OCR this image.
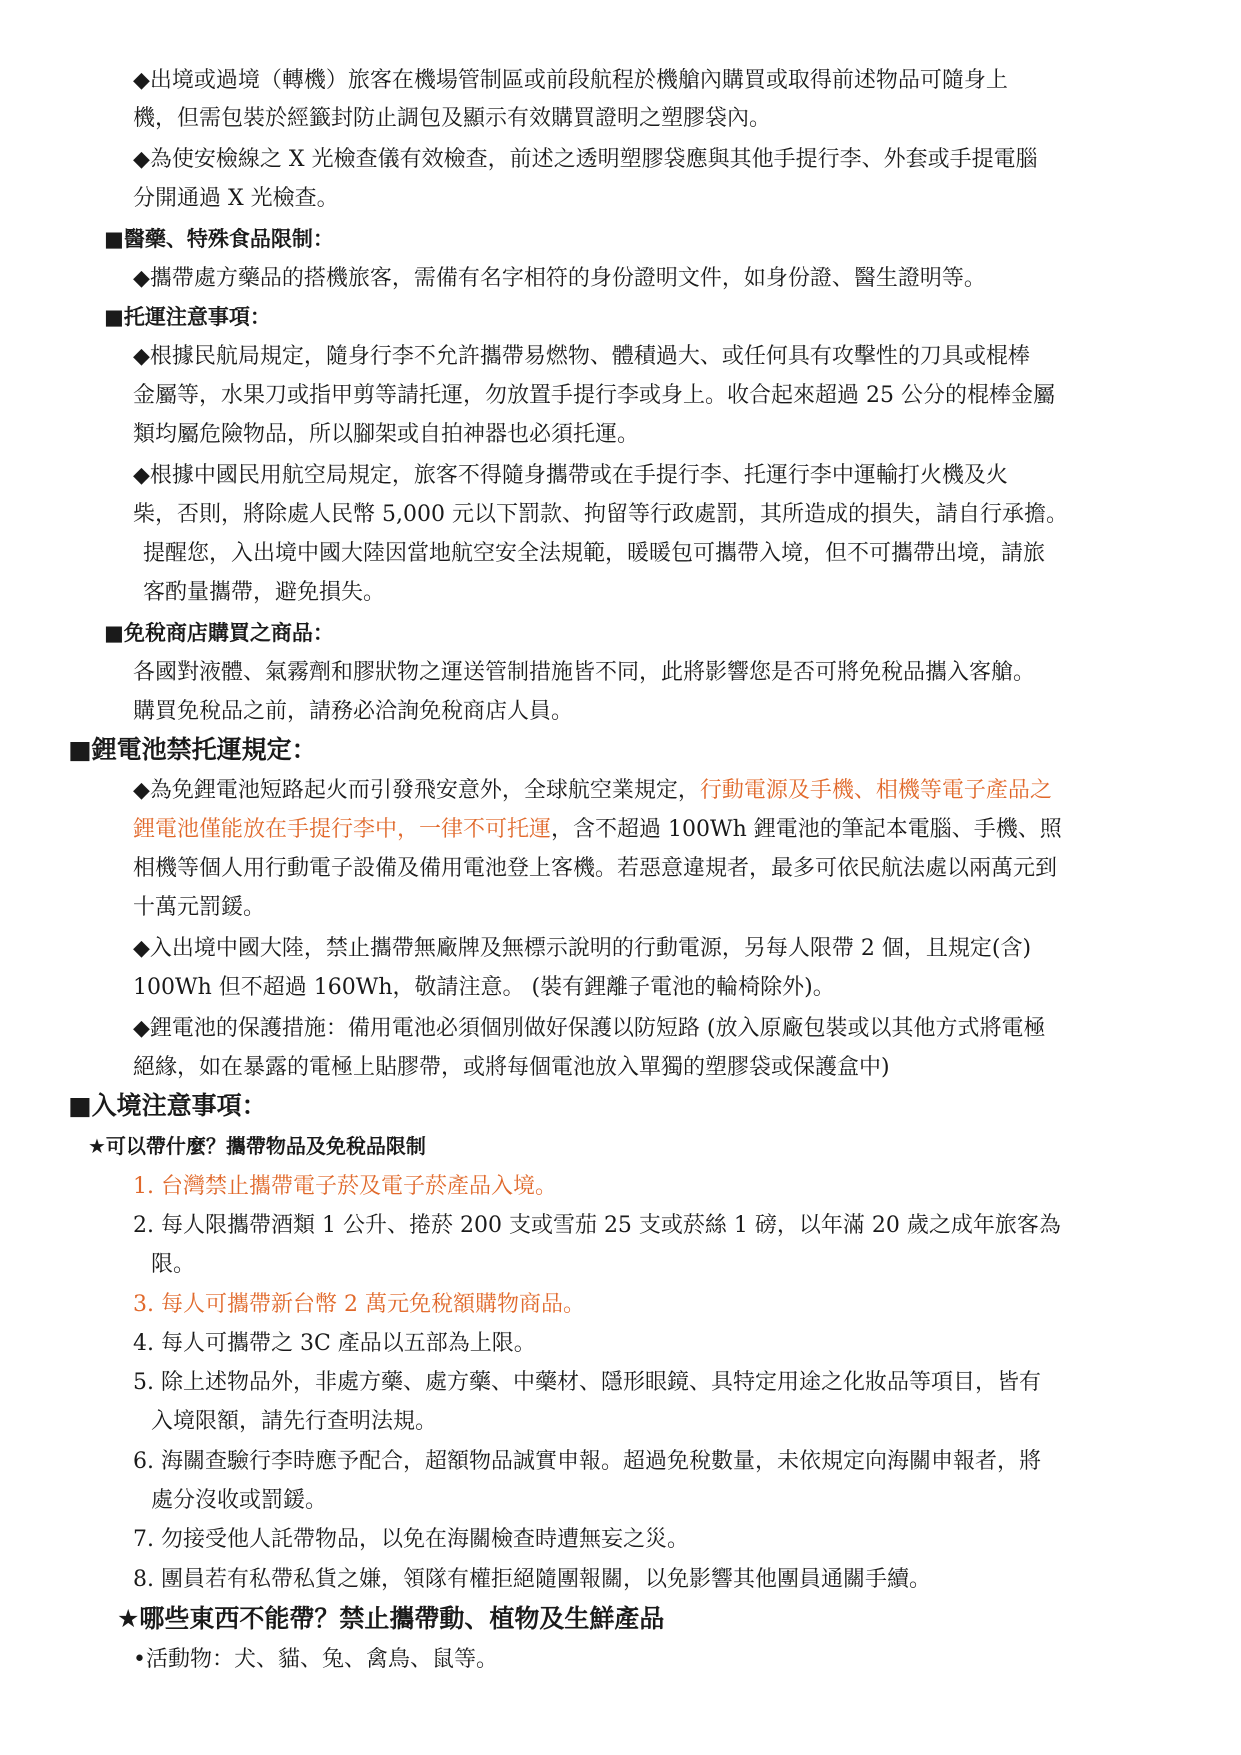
◆出境或過境（轉機）旅客在機場管制區或前段航程於機艙內購買或取得前述物品可隨身上
機，但需包裝於經籤封防止調包及顯示有效購買證明之塑膠袋內。
◆為使安檢線之 X 光檢查儀有效檢查，前述之透明塑膠袋應與其他手提行李、外套或手提電腦
分開通過 X 光檢查。
■醫藥、特殊食品限制：
◆攜帶處方藥品的搭機旅客，需備有名字相符的身份證明文件，如身份證、醫生證明等。
■托運注意事項：
◆根據民航局規定，隨身行李不允許攜帶易燃物、體積過大、或任何具有攻擊性的刀具或棍棒
金屬等，水果刀或指甲剪等請托運，勿放置手提行李或身上。收合起來超過 25 公分的棍棒金屬
類均屬危險物品，所以腳架或自拍神器也必須托運。
◆根據中國民用航空局規定，旅客不得隨身攜帶或在手提行李、托運行李中運輸打火機及火
柴，否則，將除處人民幣 5,000 元以下罰款、拘留等行政處罰，其所造成的損失，請自行承擔。
提醒您，入出境中國大陸因當地航空安全法規範，暖暖包可攜帶入境，但不可攜帶出境，請旅
客酌量攜帶，避免損失。
■免稅商店購買之商品：
各國對液體、氣霧劑和膠狀物之運送管制措施皆不同，此將影響您是否可將免稅品攜入客艙。
購買免稅品之前，請務必洽詢免稅商店人員。
■鋰電池禁托運規定：
◆為免鋰電池短路起火而引發飛安意外，全球航空業規定，行動電源及手機、相機等電子產品之
鋰電池僅能放在手提行李中，一律不可托運，含不超過 100Wh 鋰電池的筆記本電腦、手機、照
相機等個人用行動電子設備及備用電池登上客機。若惡意違規者，最多可依民航法處以兩萬元到
十萬元罰鍰。
◆入出境中國大陸，禁止攜帶無廠牌及無標示說明的行動電源，另每人限帶 2 個，且規定(含)
100Wh 但不超過 160Wh，敬請注意。 (裝有鋰離子電池的輪椅除外)。
◆鋰電池的保護措施：備用電池必須個別做好保護以防短路 (放入原廠包裝或以其他方式將電極
絕緣，如在暴露的電極上貼膠帶，或將每個電池放入單獨的塑膠袋或保護盒中)
■入境注意事項：
★可以帶什麼？攜帶物品及免稅品限制
1. 台灣禁止攜帶電子菸及電子菸產品入境。
2. 每人限攜帶酒類 1 公升、捲菸 200 支或雪茄 25 支或菸絲 1 磅，以年滿 20 歲之成年旅客為
限。
3. 每人可攜帶新台幣 2 萬元免稅額購物商品。
4. 每人可攜帶之 3C 產品以五部為上限。
5. 除上述物品外，非處方藥、處方藥、中藥材、隱形眼鏡、具特定用途之化妝品等項目，皆有
入境限額，請先行查明法規。
6. 海關查驗行李時應予配合，超額物品誠實申報。超過免稅數量，未依規定向海關申報者，將
處分沒收或罰鍰。
7. 勿接受他人託帶物品，以免在海關檢查時遭無妄之災。
8. 團員若有私帶私貨之嫌，領隊有權拒絕隨團報關，以免影響其他團員通關手續。
★哪些東西不能帶？禁止攜帶動、植物及生鮮產品
•活動物：犬、貓、兔、禽鳥、鼠等。
